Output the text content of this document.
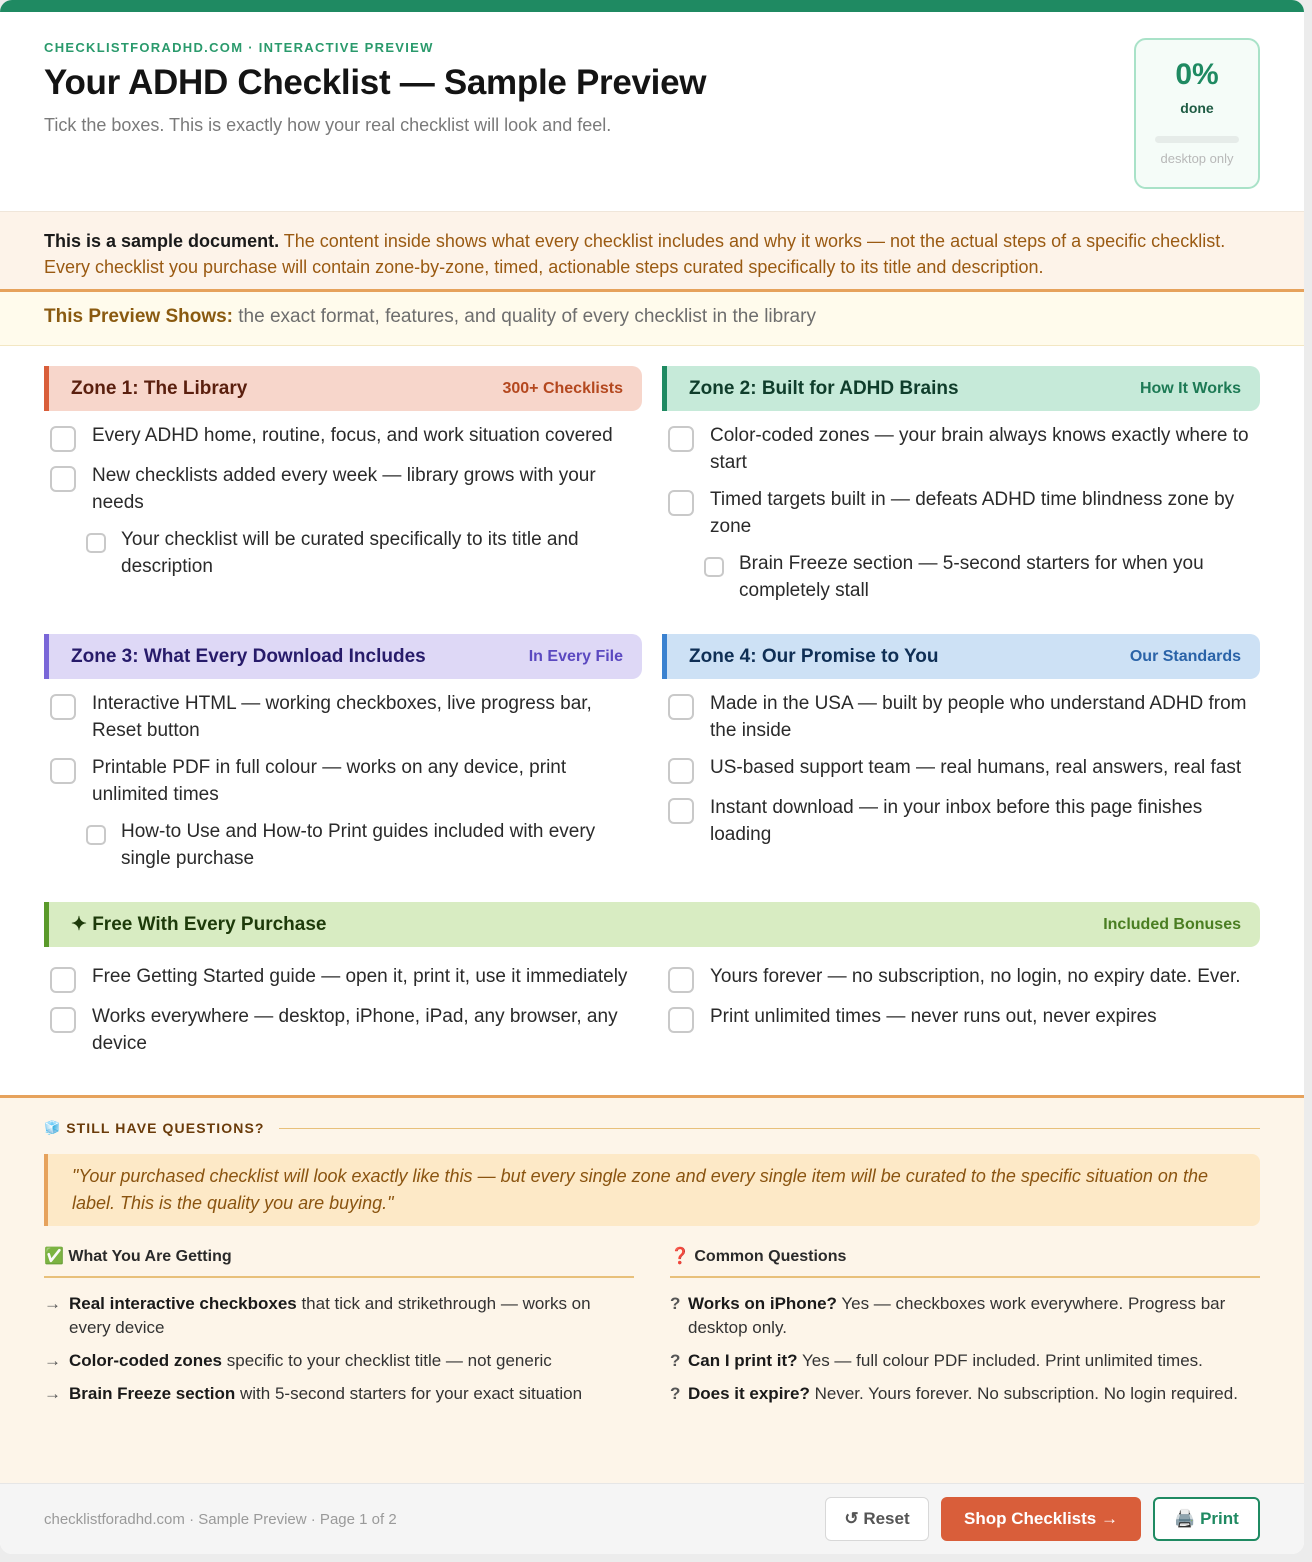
CHECKLISTFORADHD.COM · INTERACTIVE PREVIEW
Your ADHD Checklist — Sample Preview
Tick the boxes. This is exactly how your real checklist will look and feel.
0%
done
desktop only
This is a sample document. The content inside shows what every checklist includes and why it works — not the actual steps of a specific checklist. Every checklist you purchase will contain zone-by-zone, timed, actionable steps curated specifically to its title and description.
This Preview Shows: the exact format, features, and quality of every checklist in the library
Zone 1: The Library	300+ Checklists
Every ADHD home, routine, focus, and work situation covered
New checklists added every week — library grows with your needs
Your checklist will be curated specifically to its title and description
Zone 2: Built for ADHD Brains	How It Works
Color-coded zones — your brain always knows exactly where to start
Timed targets built in — defeats ADHD time blindness zone by zone
Brain Freeze section — 5-second starters for when you completely stall
Zone 3: What Every Download Includes	In Every File
Interactive HTML — working checkboxes, live progress bar, Reset button
Printable PDF in full colour — works on any device, print unlimited times
How-to Use and How-to Print guides included with every single purchase
Zone 4: Our Promise to You	Our Standards
Made in the USA — built by people who understand ADHD from the inside
US-based support team — real humans, real answers, real fast
Instant download — in your inbox before this page finishes loading
✦ Free With Every Purchase	Included Bonuses
Free Getting Started guide — open it, print it, use it immediately
Works everywhere — desktop, iPhone, iPad, any browser, any device
Yours forever — no subscription, no login, no expiry date. Ever.
Print unlimited times — never runs out, never expires
🧊 STILL HAVE QUESTIONS?
"Your purchased checklist will look exactly like this — but every single zone and every single item will be curated to the specific situation on the label. This is the quality you are buying."
✅ What You Are Getting
→ Real interactive checkboxes that tick and strikethrough — works on every device
→ Color-coded zones specific to your checklist title — not generic
→ Brain Freeze section with 5-second starters for your exact situation
❓ Common Questions
? Works on iPhone? Yes — checkboxes work everywhere. Progress bar desktop only.
? Can I print it? Yes — full colour PDF included. Print unlimited times.
? Does it expire? Never. Yours forever. No subscription. No login required.
checklistforadhd.com · Sample Preview · Page 1 of 2	↺ Reset	Shop Checklists →	🖨️ Print
